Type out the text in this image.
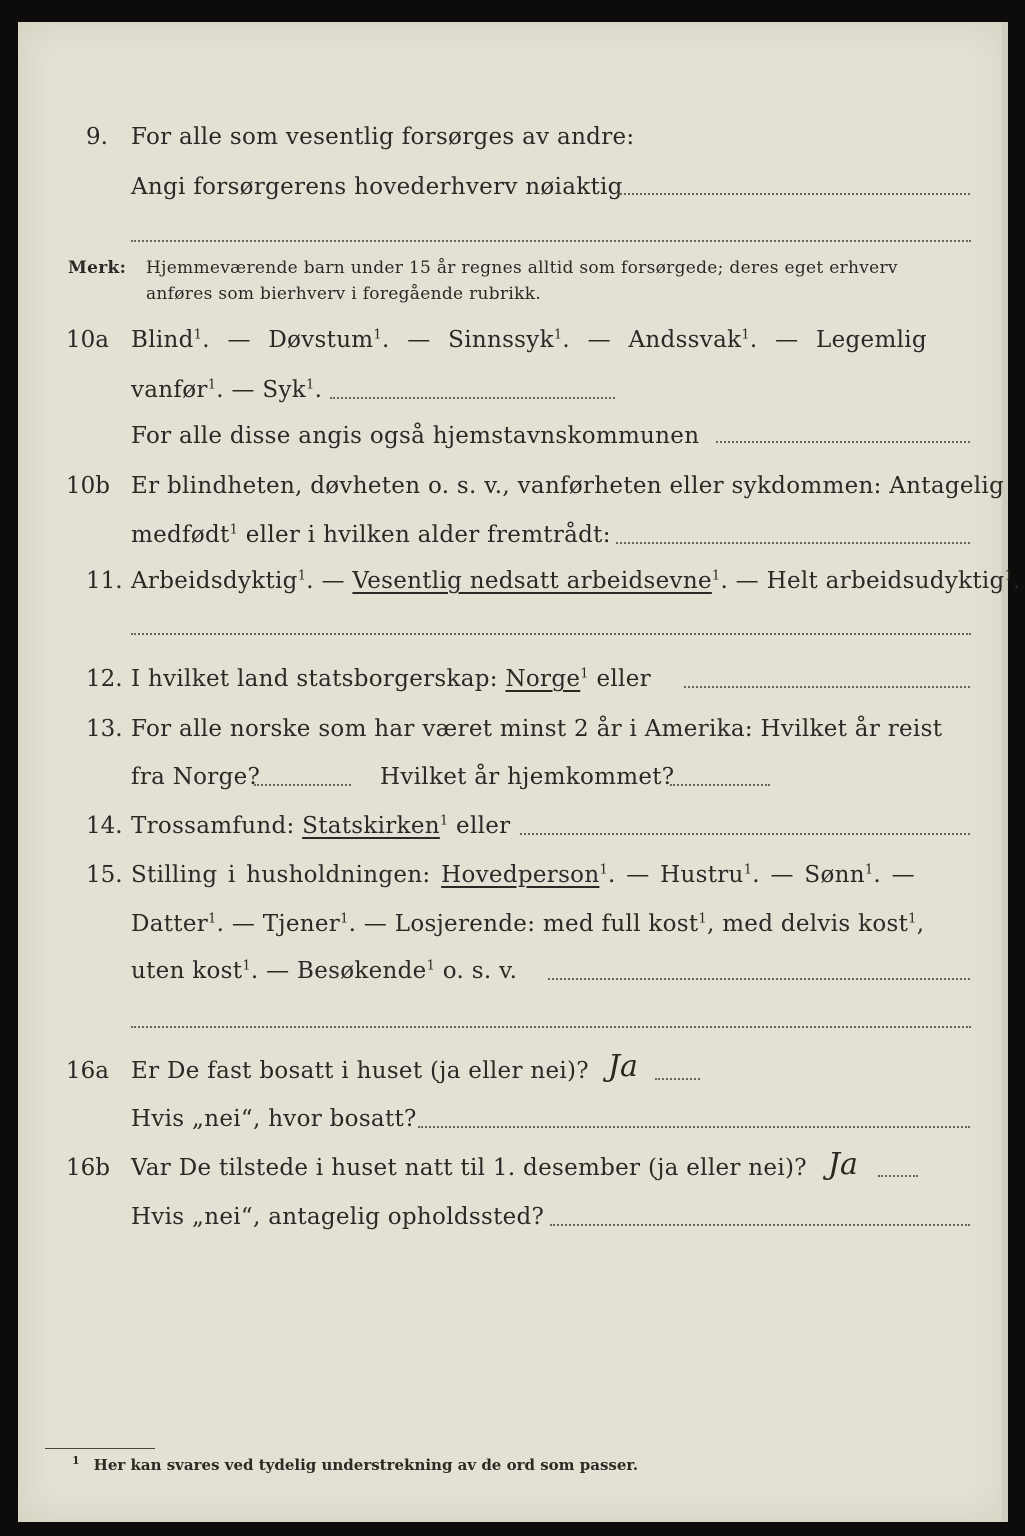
9. For alle som vesentlig forsørges av andre:
Angi forsørgerens hovederhverv nøiaktig
Merk: Hjemmeværende barn under 15 år regnes alltid som forsørgede; deres eget erhverv
anføres som bierhverv i foregående rubrikk.
10a Blind$^1$. — Døvstum$^1$. — Sinnssyk$^1$. — Andssvak$^1$. — Legemlig
vanfør$^1$. — Syk$^1$.
For alle disse angis også hjemstavnskommunen
10b Er blindheten, døvheten o. s. v., vanførheten eller sykdommen: Antagelig
medfødt$^1$ eller i hvilken alder fremtrådt:
11. Arbeidsdyktig$^1$. — Vesentlig nedsatt arbeidsevne$^1$. — Helt arbeidsudyktig$^1$.
12. I hvilket land statsborgerskap: Norge$^1$ eller
13. For alle norske som har været minst 2 år i Amerika: Hvilket år reist
fra Norge?	Hvilket år hjemkommet?
14. Trossamfund: Statskirken$^1$ eller
15. Stilling i husholdningen: Hovedperson$^1$. — Hustru$^1$. — Sønn$^1$. —
Datter$^1$. — Tjener$^1$. — Losjerende: med full kost$^1$, med delvis kost$^1$,
uten kost$^1$. — Besøkende$^1$ o. s. v.
16a Er De fast bosatt i huset (ja eller nei)? Ja
Hvis „nei“, hvor bosatt?
16b Var De tilstede i huset natt til 1. desember (ja eller nei)? Ja
Hvis „nei“, antagelig opholdssted?
$^1$ Her kan svares ved tydelig understrekning av de ord som passer.
